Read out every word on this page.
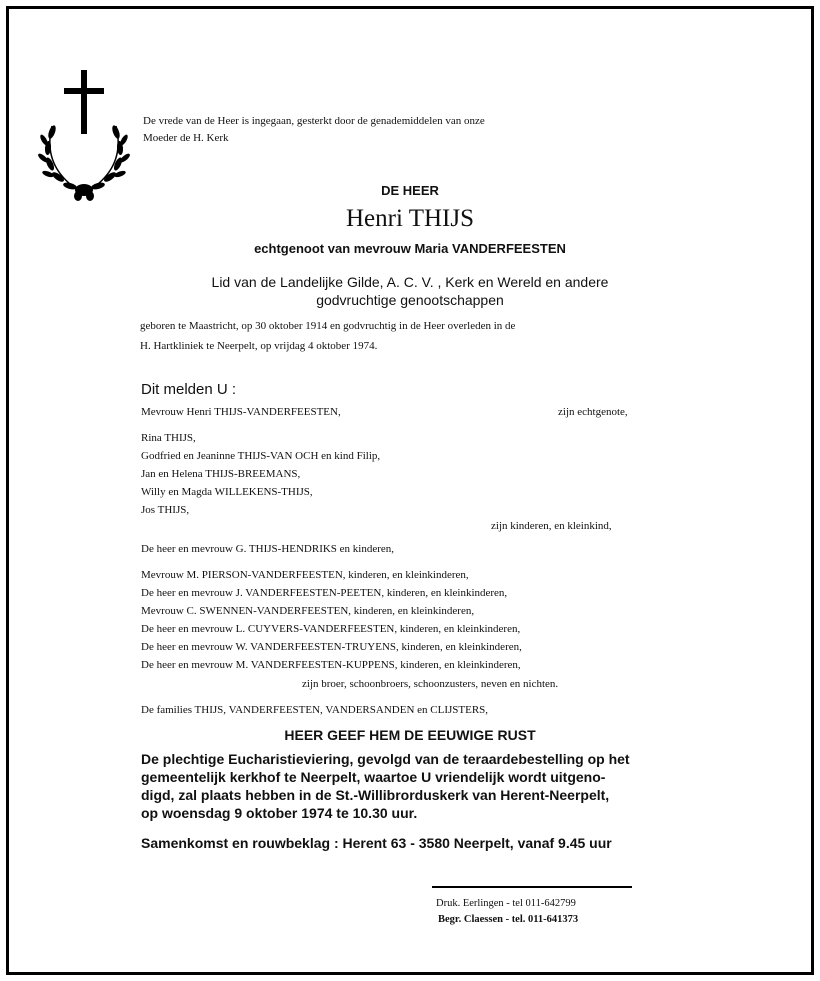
De vrede van de Heer is ingegaan, gesterkt door de genademiddelen van onze
Moeder de H. Kerk
DE HEER
Henri THIJS
echtgenoot van mevrouw Maria VANDERFEESTEN
Lid van de Landelijke Gilde, A. C. V. , Kerk en Wereld en andere
godvruchtige genootschappen
geboren te Maastricht, op 30 oktober 1914 en godvruchtig in de Heer overleden in de
H. Hartkliniek te Neerpelt, op vrijdag 4 oktober 1974.
Dit melden U :
Mevrouw Henri THIJS-VANDERFEESTEN,	zijn echtgenote,
Rina THIJS,
Godfried en Jeaninne THIJS-VAN OCH en kind Filip,
Jan en Helena THIJS-BREEMANS,
Willy en Magda WILLEKENS-THIJS,
Jos THIJS,
zijn kinderen, en kleinkind,
De heer en mevrouw G. THIJS-HENDRIKS en kinderen,
Mevrouw M. PIERSON-VANDERFEESTEN, kinderen, en kleinkinderen,
De heer en mevrouw J. VANDERFEESTEN-PEETEN, kinderen, en kleinkinderen,
Mevrouw C. SWENNEN-VANDERFEESTEN, kinderen, en kleinkinderen,
De heer en mevrouw L. CUYVERS-VANDERFEESTEN, kinderen, en kleinkinderen,
De heer en mevrouw W. VANDERFEESTEN-TRUYENS, kinderen, en kleinkinderen,
De heer en mevrouw M. VANDERFEESTEN-KUPPENS, kinderen, en kleinkinderen,
zijn broer, schoonbroers, schoonzusters, neven en nichten.
De families THIJS, VANDERFEESTEN, VANDERSANDEN en CLIJSTERS,
HEER GEEF HEM DE EEUWIGE RUST
De plechtige Eucharistieviering, gevolgd van de teraardebestelling op het
gemeentelijk kerkhof te Neerpelt, waartoe U vriendelijk wordt uitgeno-
digd, zal plaats hebben in de St.-Willibrorduskerk van Herent-Neerpelt,
op woensdag 9 oktober 1974 te 10.30 uur.
Samenkomst en rouwbeklag : Herent 63 - 3580 Neerpelt, vanaf 9.45 uur
Druk. Eerlingen - tel 011-642799
Begr. Claessen - tel. 011-641373
